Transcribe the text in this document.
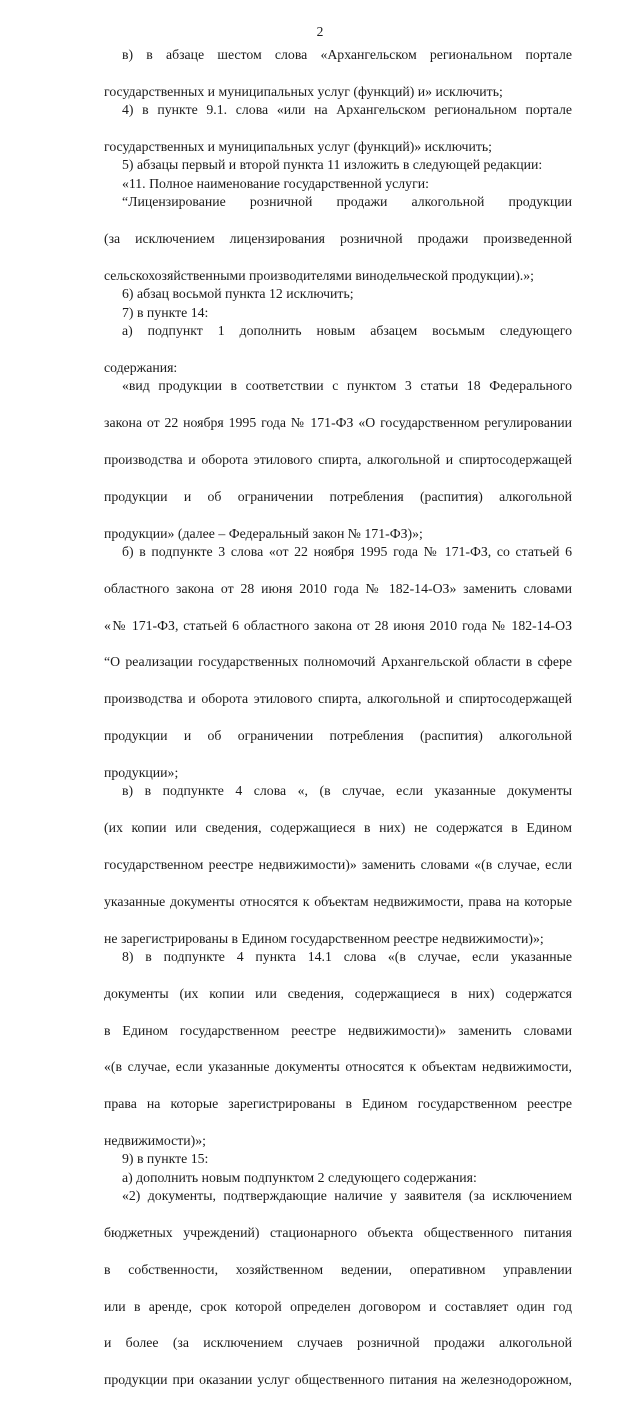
2
в) в абзаце шестом слова «Архангельском региональном портале
государственных и муниципальных услуг (функций) и» исключить;
4) в пункте 9.1. слова «или на Архангельском региональном портале
государственных и муниципальных услуг (функций)» исключить;
5) абзацы первый и второй пункта 11 изложить в следующей редакции:
«11. Полное наименование государственной услуги:
“Лицензирование розничной продажи алкогольной продукции
(за исключением лицензирования розничной продажи произведенной
сельскохозяйственными производителями винодельческой продукции).»;
6) абзац восьмой пункта 12 исключить;
7) в пункте 14:
а) подпункт 1 дополнить новым абзацем восьмым следующего
содержания:
«вид продукции в соответствии с пунктом 3 статьи 18 Федерального
закона от 22 ноября 1995 года № 171-ФЗ «О государственном регулировании
производства и оборота этилового спирта, алкогольной и спиртосодержащей
продукции и об ограничении потребления (распития) алкогольной
продукции» (далее – Федеральный закон № 171-ФЗ)»;
б) в подпункте 3 слова «от 22 ноября 1995 года № 171-ФЗ, со статьей 6
областного закона от 28 июня 2010 года № 182-14-ОЗ» заменить словами
«№ 171-ФЗ, статьей 6 областного закона от 28 июня 2010 года № 182-14-ОЗ
“О реализации государственных полномочий Архангельской области в сфере
производства и оборота этилового спирта, алкогольной и спиртосодержащей
продукции и об ограничении потребления (распития) алкогольной
продукции»;
в) в подпункте 4 слова «, (в случае, если указанные документы
(их копии или сведения, содержащиеся в них) не содержатся в Едином
государственном реестре недвижимости)» заменить словами «(в случае, если
указанные документы относятся к объектам недвижимости, права на которые
не зарегистрированы в Едином государственном реестре недвижимости)»;
8) в подпункте 4 пункта 14.1 слова «(в случае, если указанные
документы (их копии или сведения, содержащиеся в них) содержатся
в Едином государственном реестре недвижимости)» заменить словами
«(в случае, если указанные документы относятся к объектам недвижимости,
права на которые зарегистрированы в Едином государственном реестре
недвижимости)»;
9) в пункте 15:
а) дополнить новым подпунктом 2 следующего содержания:
«2) документы, подтверждающие наличие у заявителя (за исключением
бюджетных учреждений) стационарного объекта общественного питания
в собственности, хозяйственном ведении, оперативном управлении
или в аренде, срок которой определен договором и составляет один год
и более (за исключением случаев розничной продажи алкогольной
продукции при оказании услуг общественного питания на железнодорожном,
